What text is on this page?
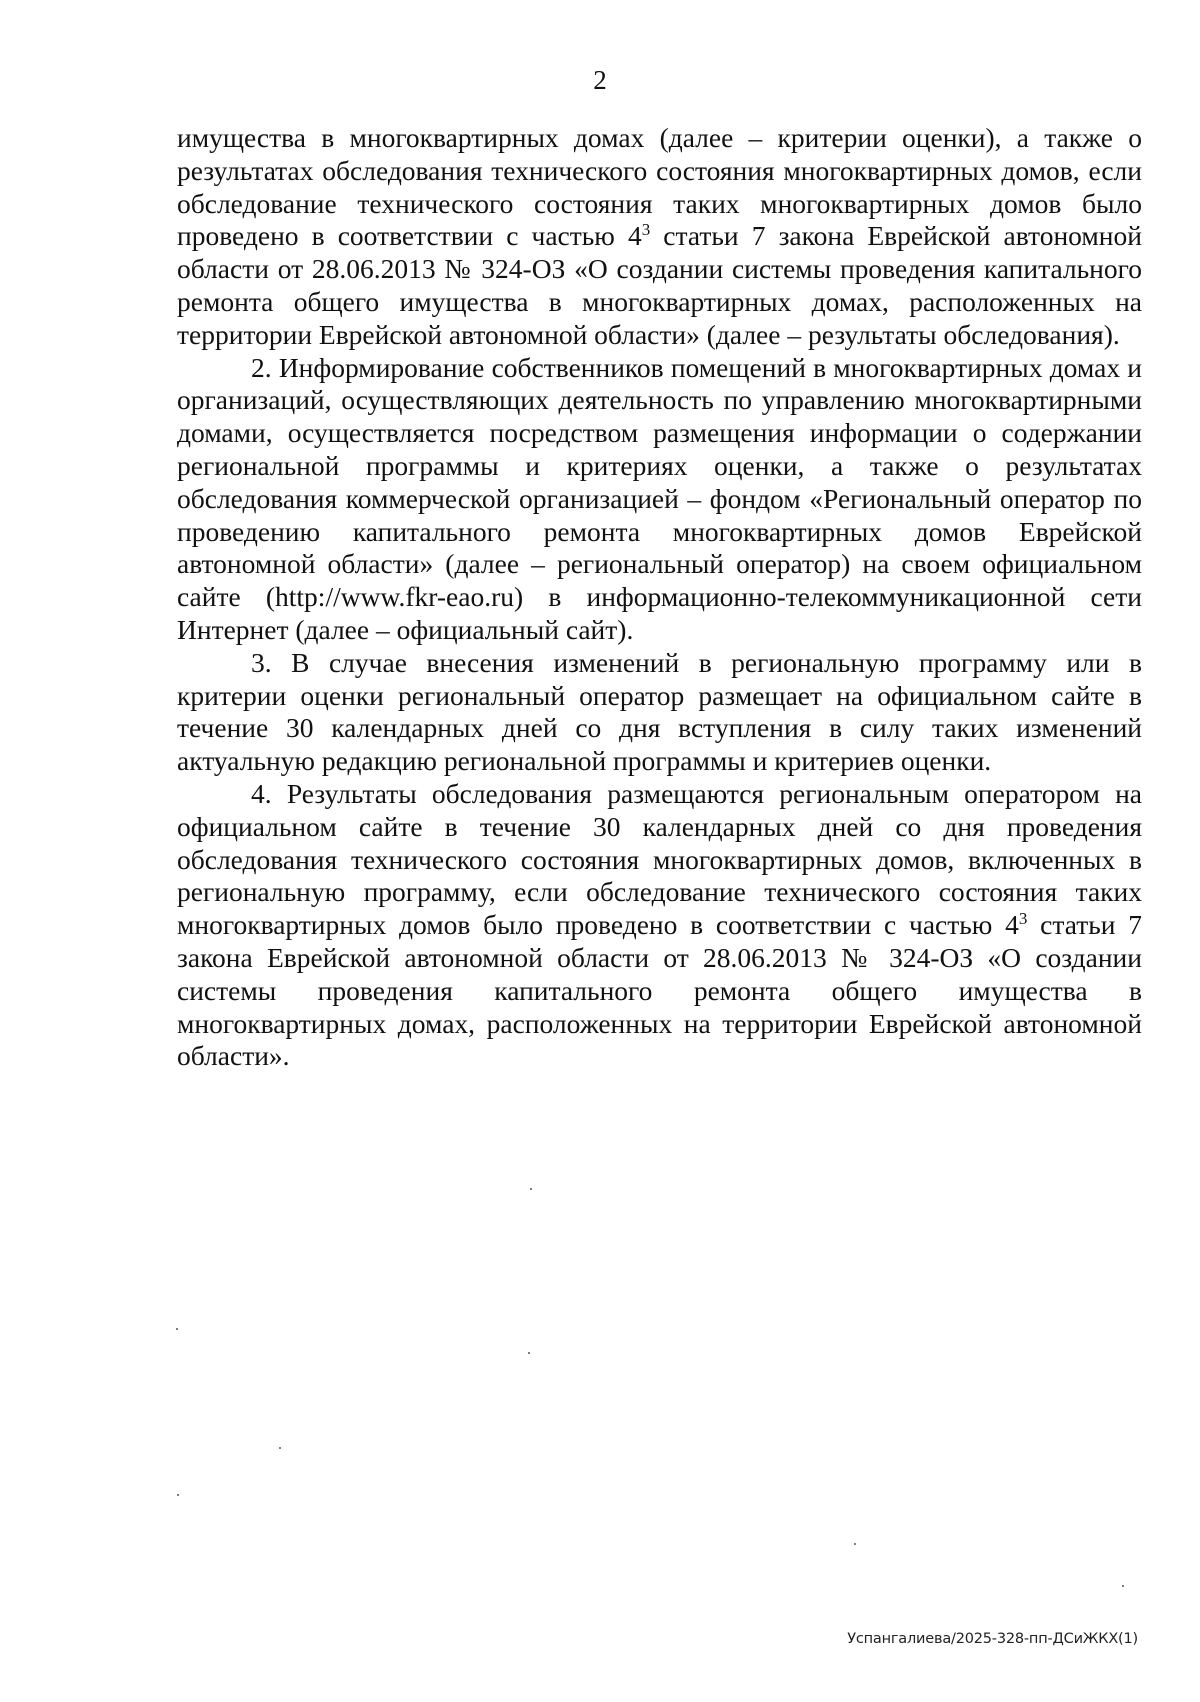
2

имущества в многоквартирных домах (далее – критерии оценки), а также о результатах обследования технического состояния многоквартирных домов, если обследование технического состояния таких многоквартирных домов было проведено в соответствии с частью $4^3$ статьи 7 закона Еврейской автономной области от 28.06.2013 № 324-ОЗ «О создании системы проведения капитального ремонта общего имущества в многоквартирных домах, расположенных на территории Еврейской автономной области» (далее – результаты обследования).

2. Информирование собственников помещений в многоквартирных домах и организаций, осуществляющих деятельность по управлению многоквартирными домами, осуществляется посредством размещения информации о содержании региональной программы и критериях оценки, а также о результатах обследования коммерческой организацией – фондом «Региональный оператор по проведению капитального ремонта многоквартирных домов Еврейской автономной области» (далее – региональный оператор) на своем официальном сайте (http://www.fkr-eao.ru) в информационно-телекоммуникационной сети Интернет (далее – официальный сайт).

3. В случае внесения изменений в региональную программу или в критерии оценки региональный оператор размещает на официальном сайте в течение 30 календарных дней со дня вступления в силу таких изменений актуальную редакцию региональной программы и критериев оценки.

4. Результаты обследования размещаются региональным оператором на официальном сайте в течение 30 календарных дней со дня проведения обследования технического состояния многоквартирных домов, включенных в региональную программу, если обследование технического состояния таких многоквартирных домов было проведено в соответствии с частью $4^3$ статьи 7 закона Еврейской автономной области от 28.06.2013 № 324-ОЗ «О создании системы проведения капитального ремонта общего имущества в многоквартирных домах, расположенных на территории Еврейской автономной области».

Успангалиева/2025-328-пп-ДСиЖКХ(1)
